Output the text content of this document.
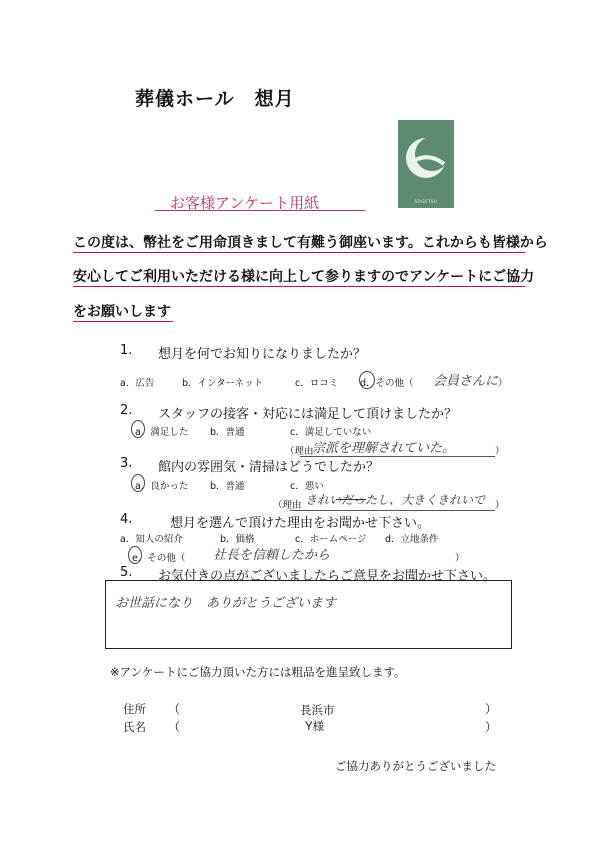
葬儀ホール　想月
SOGETSU
お客様アンケート用紙
この度は、幣社をご用命頂きまして有難う御座います。これからも皆様から
安心してご利用いただける様に向上して参りますのでアンケートにご協力
をお願いします
1. 想月を何でお知りになりましたか？
a．広告	b．インターネット	c．ロコミ d．その他（ 会員さんに ）
2. スタッフの接客・対応には満足して頂けましたか？
a．満足した b．普通	c．満足していない
（理由
宗派を理解されていた。	）
3. 館内の雰囲気・清掃はどうでしたか？
a．良かった b．普通	c．悪い
（理由 きれいだったし、大きくきれいで ）
4.	想月を選んで頂けた理由をお聞かせ下さい。
a．知人の紹介	b．価格	c．ホームページ d．立地条件
e．その他（ 社長を信頼したから	）
5. お気付きの点がございましたらご意見をお聞かせ下さい。
お世話になり　ありがとうございます
※アンケートにご協力頂いた方には粗品を進呈致します。
住所 （	長浜市	）
氏名 （	Y様	）
ご協力ありがとうございました
